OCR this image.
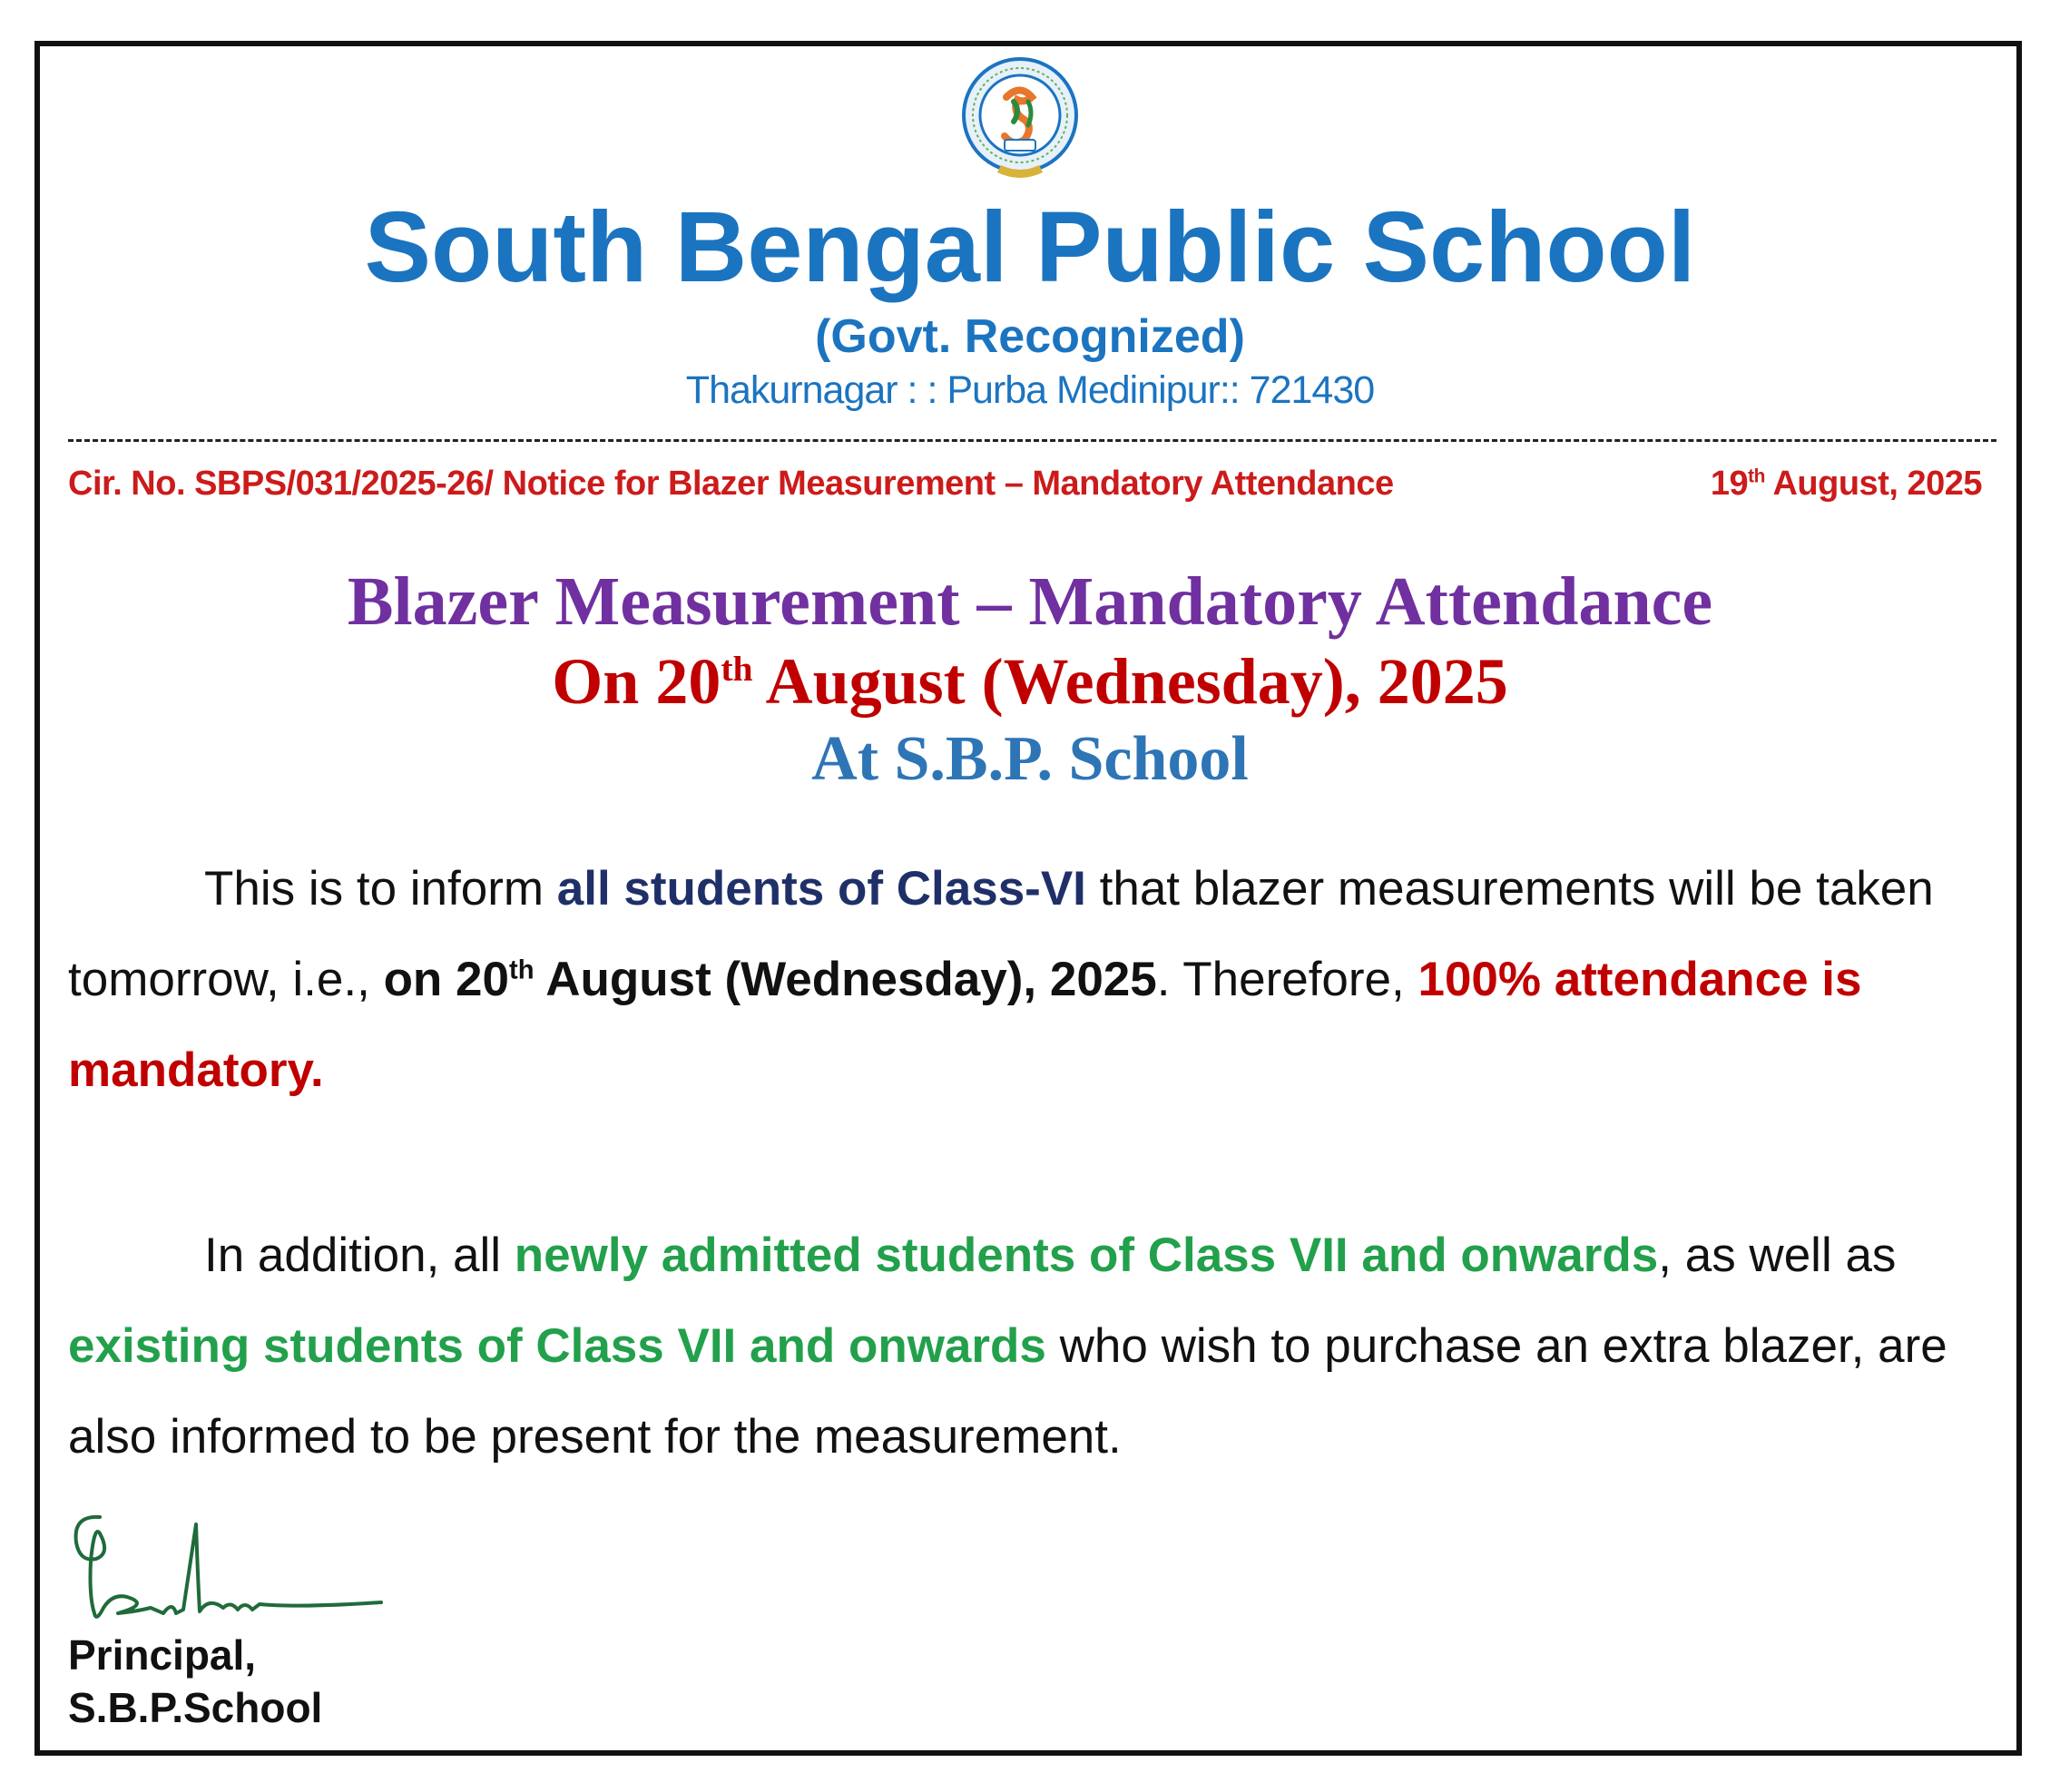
South Bengal Public School
(Govt. Recognized)
Thakurnagar : : Purba Medinipur:: 721430
Cir. No. SBPS/031/2025-26/ Notice for Blazer Measurement – Mandatory Attendance	19th August, 2025
Blazer Measurement – Mandatory Attendance
On 20th August (Wednesday), 2025
At S.B.P. School

This is to inform all students of Class-VI that blazer measurements will be taken tomorrow, i.e., on 20th August (Wednesday), 2025. Therefore, 100% attendance is mandatory.

In addition, all newly admitted students of Class VII and onwards, as well as existing students of Class VII and onwards who wish to purchase an extra blazer, are also informed to be present for the measurement.

Principal,
S.B.P.School
